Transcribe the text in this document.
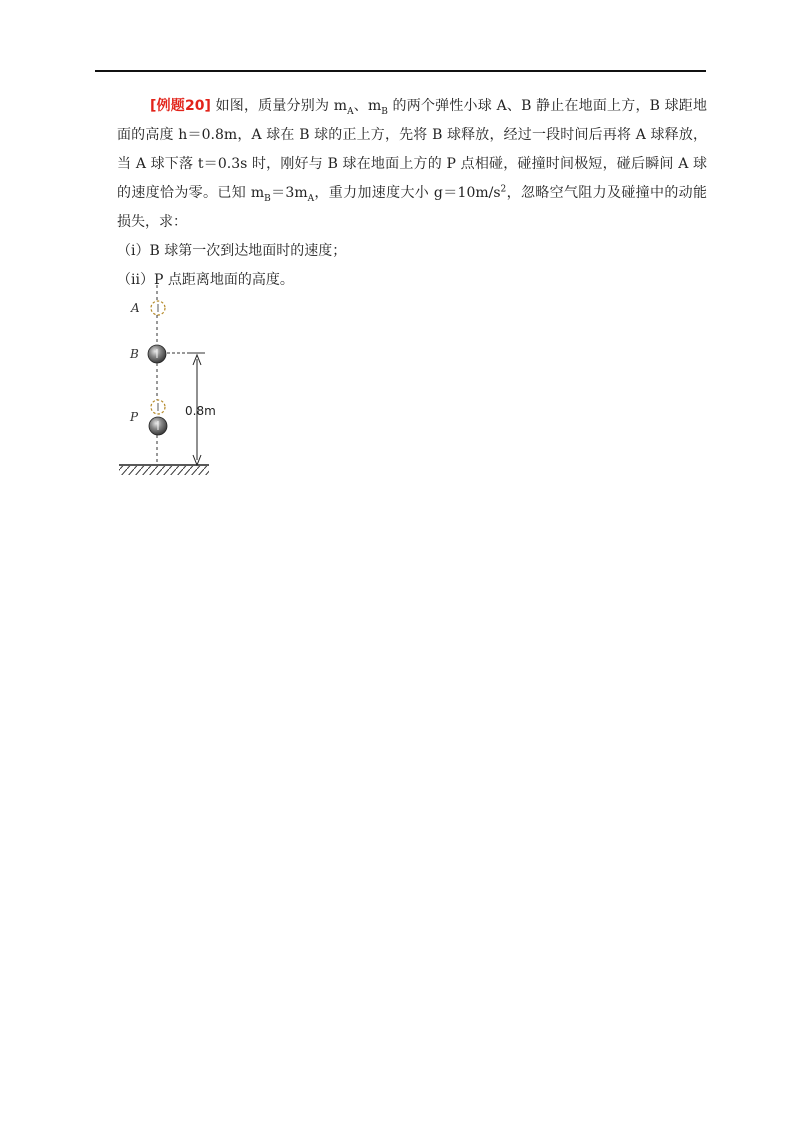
[例题20] 如图，质量分别为 $m_A$、$m_B$ 的两个弹性小球 A、B 静止在地面上方，B 球距地面的高度 h＝0.8m，A 球在 B 球的正上方，先将 B 球释放，经过一段时间后再将 A 球释放，当 A 球下落 t＝0.3s 时，刚好与 B 球在地面上方的 P 点相碰，碰撞时间极短，碰后瞬间 A 球的速度恰为零。已知 $m_B=3m_A$，重力加速度大小 $g=10m/s^2$，忽略空气阻力及碰撞中的动能损失，求：

（i）B 球第一次到达地面时的速度；

（ii）P 点距离地面的高度。

A
B
P	0.8m
